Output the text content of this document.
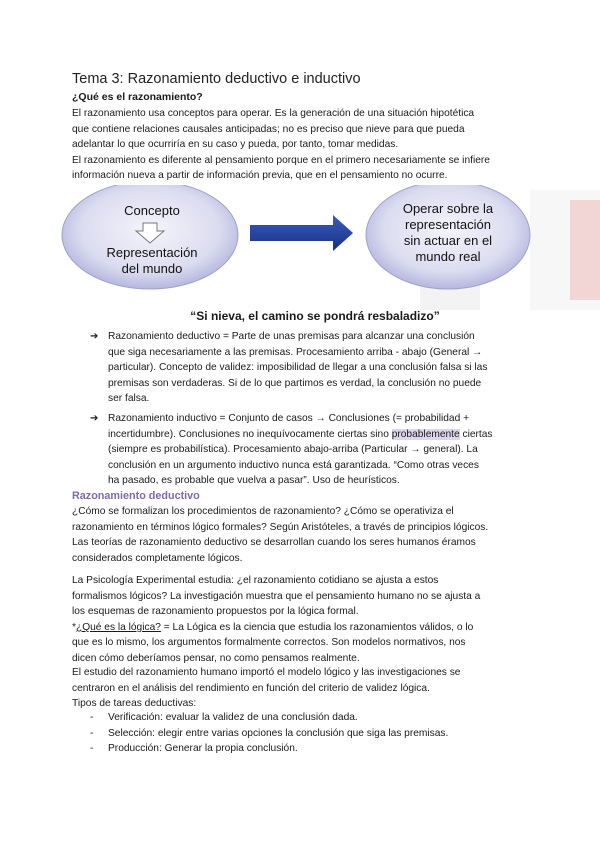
Tema 3: Razonamiento deductivo e inductivo
¿Qué es el razonamiento?
El razonamiento usa conceptos para operar. Es la generación de una situación hipotética
que contiene relaciones causales anticipadas; no es preciso que nieve para que pueda
adelantar lo que ocurriría en su caso y pueda, por tanto, tomar medidas.
El razonamiento es diferente al pensamiento porque en el primero necesariamente se infiere
información nueva a partir de información previa, que en el pensamiento no ocurre.
Concepto
Representación
del mundo
Operar sobre la
representación
sin actuar en el
mundo real
“Si nieva, el camino se pondrá resbaladizo”
➔ Razonamiento deductivo = Parte de unas premisas para alcanzar una conclusión
que siga necesariamente a las premisas. Procesamiento arriba - abajo (General →
particular). Concepto de validez: imposibilidad de llegar a una conclusión falsa si las
premisas son verdaderas. Si de lo que partimos es verdad, la conclusión no puede
ser falsa.
➔ Razonamiento inductivo = Conjunto de casos → Conclusiones (= probabilidad +
incertidumbre). Conclusiones no inequívocamente ciertas sino probablemente ciertas
(siempre es probabilística). Procesamiento abajo-arriba (Particular → general). La
conclusión en un argumento inductivo nunca está garantizada. “Como otras veces
ha pasado, es probable que vuelva a pasar”. Uso de heurísticos.
Razonamiento deductivo
¿Cómo se formalizan los procedimientos de razonamiento? ¿Cómo se operativiza el
razonamiento en términos lógico formales? Según Aristóteles, a través de principios lógicos.
Las teorías de razonamiento deductivo se desarrollan cuando los seres humanos éramos
considerados completamente lógicos.
La Psicología Experimental estudia: ¿el razonamiento cotidiano se ajusta a estos
formalismos lógicos? La investigación muestra que el pensamiento humano no se ajusta a
los esquemas de razonamiento propuestos por la lógica formal.
*¿Qué es la lógica? = La Lógica es la ciencia que estudia los razonamientos válidos, o lo
que es lo mismo, los argumentos formalmente correctos. Son modelos normativos, nos
dicen cómo deberíamos pensar, no como pensamos realmente.
El estudio del razonamiento humano importó el modelo lógico y las investigaciones se
centraron en el análisis del rendimiento en función del criterio de validez lógica.
Tipos de tareas deductivas:
- Verificación: evaluar la validez de una conclusión dada.
- Selección: elegir entre varias opciones la conclusión que siga las premisas.
- Producción: Generar la propia conclusión.
